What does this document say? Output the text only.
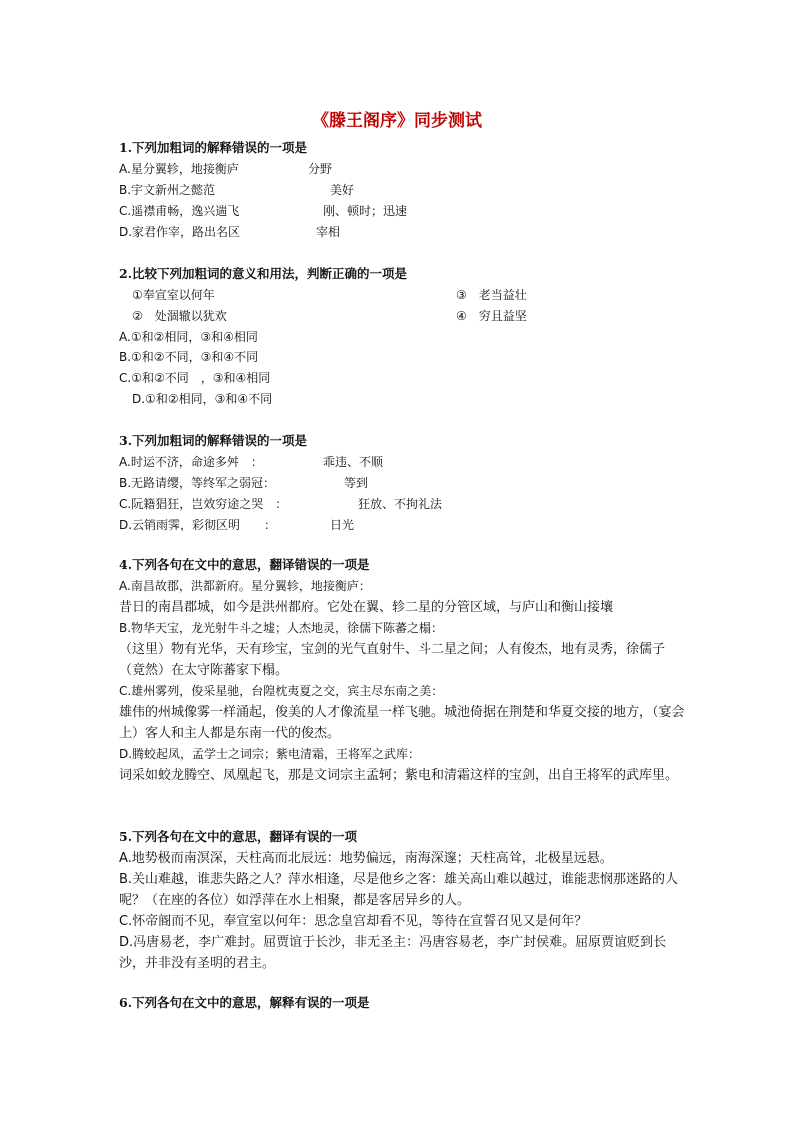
《滕王阁序》同步测试
1.下列加粗词的解释错误的一项是
A.星分翼轸，地接衡庐	分野
B.宇文新州之懿范	美好
C.遥襟甫畅，逸兴遄飞	刚、顿时；迅速
D.家君作宰，路出名区	宰相
2.比较下列加粗词的意义和用法，判断正确的一项是
①奉宣室以何年	③　老当益壮
②　处涸辙以犹欢	④　穷且益坚
A.①和②相同，③和④相同
B.①和②不同，③和④不同
C.①和②不同　，③和④相同
D.①和②相同，③和④不同
3.下列加粗词的解释错误的一项是
A.时运不济，命途多舛　：	乖违、不顺
B.无路请缨，等终军之弱冠：	等到
C.阮籍猖狂，岂效穷途之哭　：	狂放、不拘礼法
D.云销雨霁，彩彻区明　　：	日光
4.下列各句在文中的意思，翻译错误的一项是
A.南昌故郡，洪都新府。星分翼轸，地接衡庐：
昔日的南昌郡城，如今是洪州都府。它处在翼、轸二星的分管区域，与庐山和衡山接壤
B.物华天宝，龙光射牛斗之墟；人杰地灵，徐儒下陈蕃之榻：
（这里）物有光华，天有珍宝，宝剑的光气直射牛、斗二星之间；人有俊杰，地有灵秀，徐儒子（竟然）在太守陈蕃家下榻。
C.雄州雾列，俊采星驰，台隍枕夷夏之交，宾主尽东南之美：
雄伟的州城像雾一样涌起，俊美的人才像流星一样飞驰。城池倚据在荆楚和华夏交接的地方，（宴会上）客人和主人都是东南一代的俊杰。
D.腾蛟起凤，孟学士之词宗；紫电清霜，王将军之武库：
词采如蛟龙腾空、凤凰起飞，那是文词宗主孟轲；紫电和清霜这样的宝剑，出自王将军的武库里。
5.下列各句在文中的意思，翻译有误的一项
A.地势极而南溟深，天柱高而北辰远：地势偏远，南海深邃；天柱高耸，北极星远悬。
B.关山难越，谁悲失路之人？萍水相逢，尽是他乡之客：雄关高山难以越过，谁能悲悯那迷路的人呢？（在座的各位）如浮萍在水上相聚，都是客居异乡的人。
C.怀帝阍而不见，奉宣室以何年：思念皇宫却看不见，等待在宣誓召见又是何年？
D.冯唐易老，李广难封。屈贾谊于长沙，非无圣主：冯唐容易老，李广封侯难。屈原贾谊贬到长沙，并非没有圣明的君主。
6.下列各句在文中的意思，解释有误的一项是
